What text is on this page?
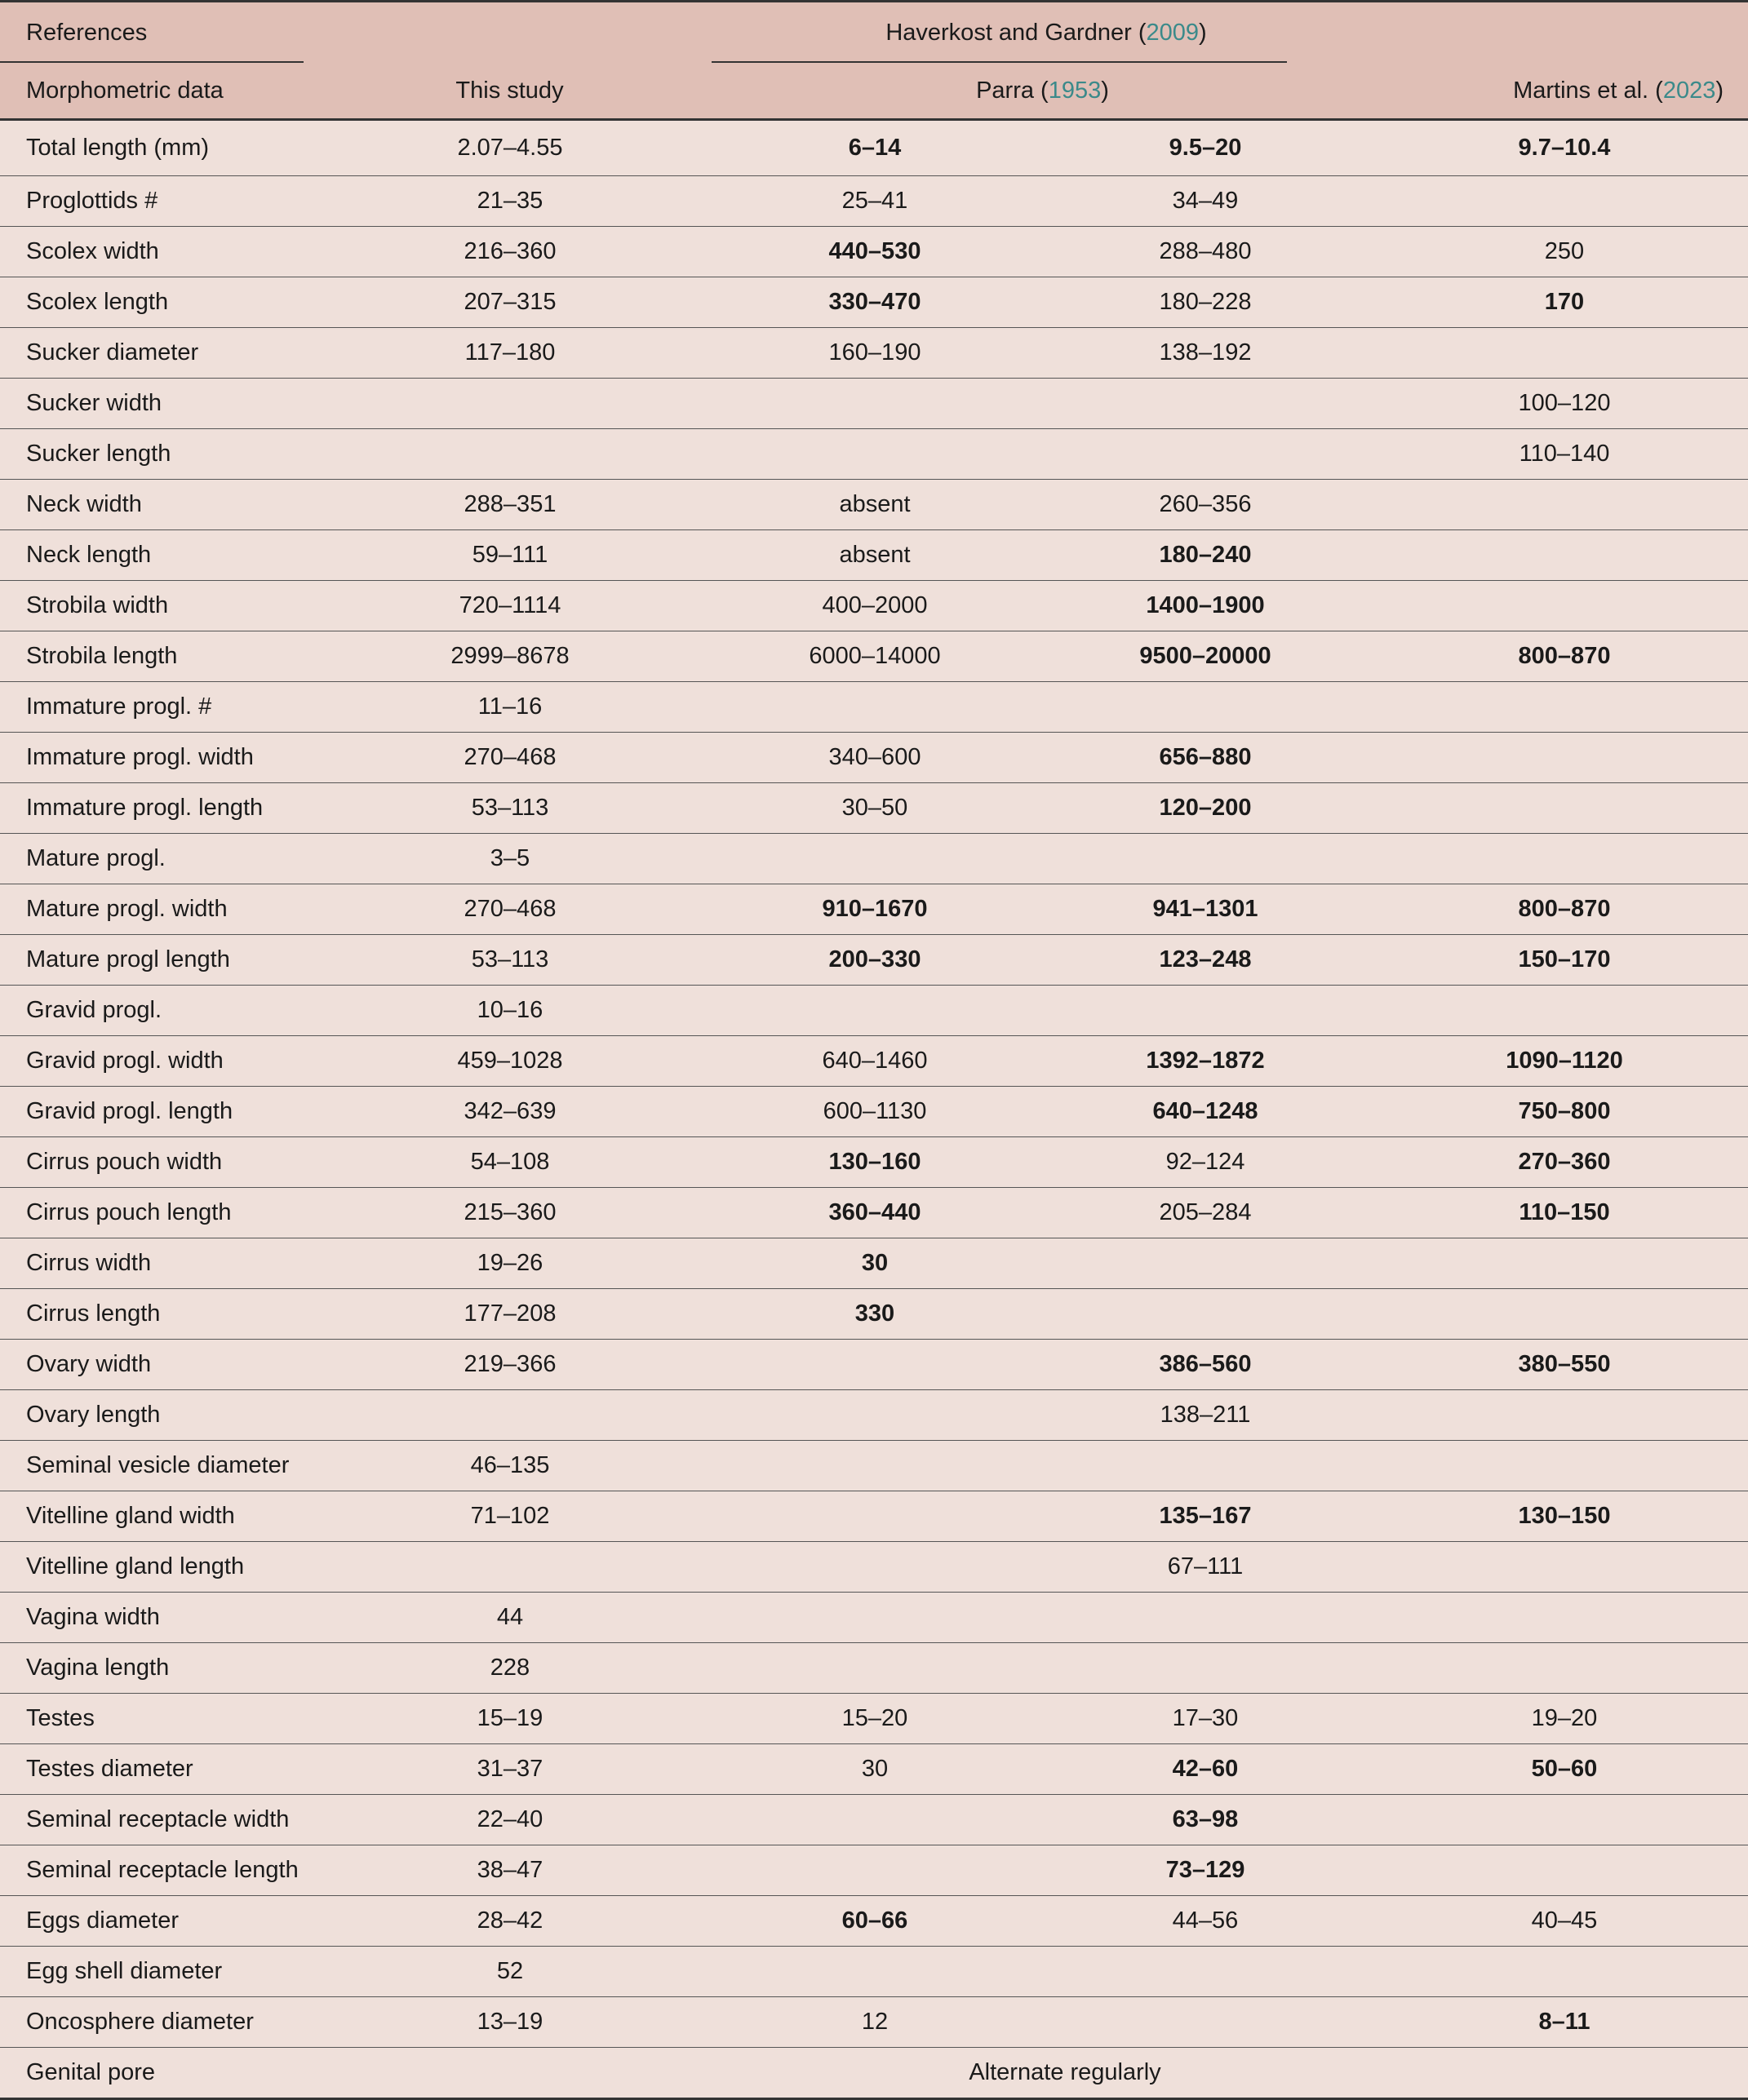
References		Haverkost and Gardner (2009)	

Morphometric data	This study	Parra (1953)		Martins et al. (2023)
Total length (mm)	2.07–4.55	6–14	9.5–20	9.7–10.4
Proglottids #	21–35	25–41	34–49	
Scolex width	216–360	440–530	288–480	250
Scolex length	207–315	330–470	180–228	170
Sucker diameter	117–180	160–190	138–192	
Sucker width				100–120
Sucker length				110–140
Neck width	288–351	absent	260–356	
Neck length	59–111	absent	180–240	
Strobila width	720–1114	400–2000	1400–1900	
Strobila length	2999–8678	6000–14000	9500–20000	800–870
Immature progl. #	11–16			
Immature progl. width	270–468	340–600	656–880	
Immature progl. length	53–113	30–50	120–200	
Mature progl.	3–5			
Mature progl. width	270–468	910–1670	941–1301	800–870
Mature progl length	53–113	200–330	123–248	150–170
Gravid progl.	10–16			
Gravid progl. width	459–1028	640–1460	1392–1872	1090–1120
Gravid progl. length	342–639	600–1130	640–1248	750–800
Cirrus pouch width	54–108	130–160	92–124	270–360
Cirrus pouch length	215–360	360–440	205–284	110–150
Cirrus width	19–26	30		
Cirrus length	177–208	330		
Ovary width	219–366		386–560	380–550
Ovary length			138–211	
Seminal vesicle diameter	46–135			
Vitelline gland width	71–102		135–167	130–150
Vitelline gland length			67–111	
Vagina width	44			
Vagina length	228			
Testes	15–19	15–20	17–30	19–20
Testes diameter	31–37	30	42–60	50–60
Seminal receptacle width	22–40		63–98	
Seminal receptacle length	38–47		73–129	
Eggs diameter	28–42	60–66	44–56	40–45
Egg shell diameter	52			
Oncosphere diameter	13–19	12		8–11
Genital pore	Alternate regularly			
